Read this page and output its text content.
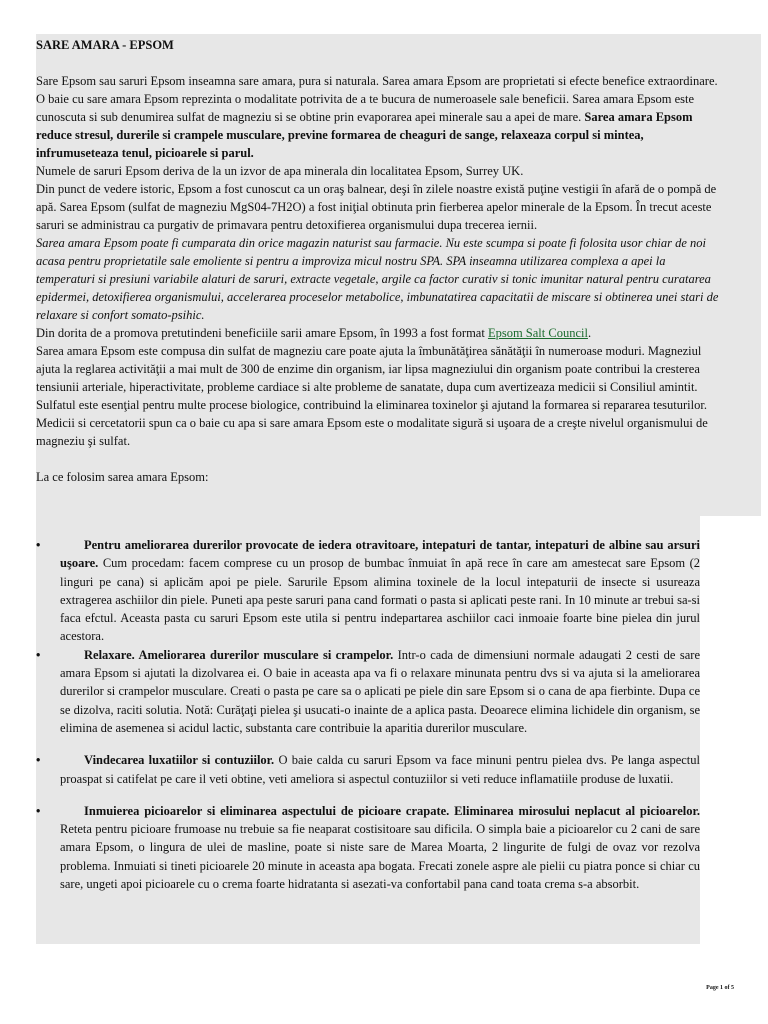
SARE AMARA - EPSOM

Sare Epsom sau saruri Epsom inseamna sare amara, pura si naturala. Sarea amara Epsom are proprietati si efecte benefice extraordinare. O baie cu sare amara Epsom reprezinta o modalitate potrivita de a te bucura de numeroasele sale beneficii. Sarea amara Epsom este cunoscuta si sub denumirea sulfat de magneziu si se obtine prin evaporarea apei minerale sau a apei de mare. Sarea amara Epsom reduce stresul, durerile si crampele musculare, previne formarea de cheaguri de sange, relaxeaza corpul si mintea, infrumuseteaza tenul, picioarele si parul.

Numele de saruri Epsom deriva de la un izvor de apa minerala din localitatea Epsom, Surrey UK.

Din punct de vedere istoric, Epsom a fost cunoscut ca un oraş balnear, deşi în zilele noastre există puţine vestigii în afară de o pompă de apă. Sarea Epsom (sulfat de magneziu MgS04-7H2O) a fost iniţial obtinuta prin fierberea apelor minerale de la Epsom. În trecut aceste saruri se administrau ca purgativ de primavara pentru detoxifierea organismului dupa trecerea iernii.

Sarea amara Epsom poate fi cumparata din orice magazin naturist sau farmacie. Nu este scumpa si poate fi folosita usor chiar de noi acasa pentru proprietatile sale emoliente si pentru a improviza micul nostru SPA. SPA inseamna utilizarea complexa a apei la temperaturi si presiuni variabile alaturi de saruri, extracte vegetale, argile ca factor curativ si tonic imunitar natural pentru curatarea epidermei, detoxifierea organismului, accelerarea proceselor metabolice, imbunatatirea capacitatii de miscare si obtinerea unei stari de relaxare si confort somato-psihic.

Din dorita de a promova pretutindeni beneficiile sarii amare Epsom, în 1993 a fost format Epsom Salt Council.

Sarea amara Epsom este compusa din sulfat de magneziu care poate ajuta la îmbunătăţirea sănătăţii în numeroase moduri. Magneziul ajuta la reglarea activităţii a mai mult de 300 de enzime din organism, iar lipsa magneziului din organism poate contribui la cresterea tensiunii arteriale, hiperactivitate, probleme cardiace si alte probleme de sanatate, dupa cum avertizeaza medicii si Consiliul amintit. Sulfatul este esenţial pentru multe procese biologice, contribuind la eliminarea toxinelor şi ajutand la formarea si repararea tesuturilor. Medicii si cercetatorii spun ca o baie cu apa si sare amara Epsom este o modalitate sigură si uşoara de a creşte nivelul organismului de magneziu şi sulfat.

La ce folosim sarea amara Epsom:

• Pentru ameliorarea durerilor provocate de iedera otravitoare, intepaturi de tantar, intepaturi de albine sau arsuri uşoare. Cum procedam: facem comprese cu un prosop de bumbac înmuiat în apă rece în care am amestecat sare Epsom (2 linguri pe cana) si aplicăm apoi pe piele. Sarurile Epsom alimina toxinele de la locul intepaturii de insecte si usureaza extragerea aschiilor din piele. Puneti apa peste saruri pana cand formati o pasta si aplicati peste rani. In 10 minute ar trebui sa-si faca efctul. Aceasta pasta cu saruri Epsom este utila si pentru indepartarea aschiilor caci inmoaie foarte bine pielea din jurul acestora.
• Relaxare. Ameliorarea durerilor musculare si crampelor. Intr-o cada de dimensiuni normale adaugati 2 cesti de sare amara Epsom si ajutati la dizolvarea ei. O baie in aceasta apa va fi o relaxare minunata pentru dvs si va ajuta si la ameliorarea durerilor si crampelor musculare. Creati o pasta pe care sa o aplicati pe piele din sare Epsom si o cana de apa fierbinte. Dupa ce se dizolva, raciti solutia. Notă: Curăţaţi pielea şi usucati-o inainte de a aplica pasta. Deoarece elimina lichidele din organism, se elimina de asemenea si acidul lactic, substanta care contribuie la aparitia durerilor musculare.
• Vindecarea luxatiilor si contuziilor. O baie calda cu saruri Epsom va face minuni pentru pielea dvs. Pe langa aspectul proaspat si catifelat pe care il veti obtine, veti ameliora si aspectul contuziilor si veti reduce inflamatiile produse de luxatii.
• Inmuierea picioarelor si eliminarea aspectului de picioare crapate. Eliminarea mirosului neplacut al picioarelor. Reteta pentru picioare frumoase nu trebuie sa fie neaparat costisitoare sau dificila. O simpla baie a picioarelor cu 2 cani de sare amara Epsom, o lingura de ulei de masline, poate si niste sare de Marea Moarta, 2 lingurite de fulgi de ovaz vor rezolva problema. Inmuiati si tineti picioarele 20 minute in aceasta apa bogata. Frecati zonele aspre ale pielii cu piatra ponce si chiar cu sare, ungeti apoi picioarele cu o crema foarte hidratanta si asezati-va confortabil pana cand toata crema s-a absorbit.
Page 1 of 5
